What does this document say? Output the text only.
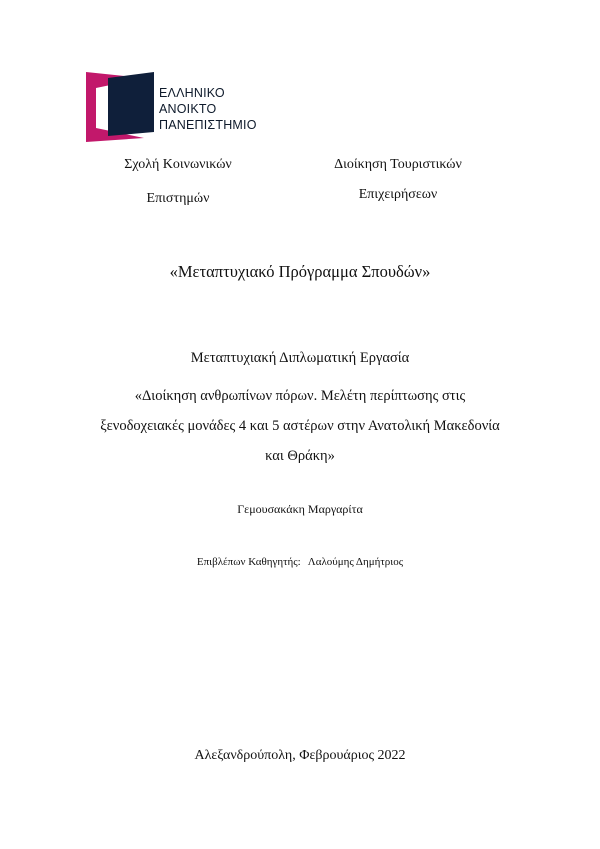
ΕΛΛΗΝΙΚΟ
ΑΝΟΙΚΤΟ
ΠΑΝΕΠΙΣΤΗΜΙΟ
Σχολή Κοινωνικών
Επιστημών
Διοίκηση Τουριστικών
Επιχειρήσεων
«Μεταπτυχιακό Πρόγραμμα Σπουδών»
Μεταπτυχιακή Διπλωματική Εργασία
«Διοίκηση ανθρωπίνων πόρων. Μελέτη περίπτωσης στις
ξενοδοχειακές μονάδες 4 και 5 αστέρων στην Ανατολική Μακεδονία
και Θράκη»
Γεμουσακάκη Μαργαρίτα
Επιβλέπων Καθηγητής: Λαλούμης Δημήτριος
Αλεξανδρούπολη, Φεβρουάριος 2022
